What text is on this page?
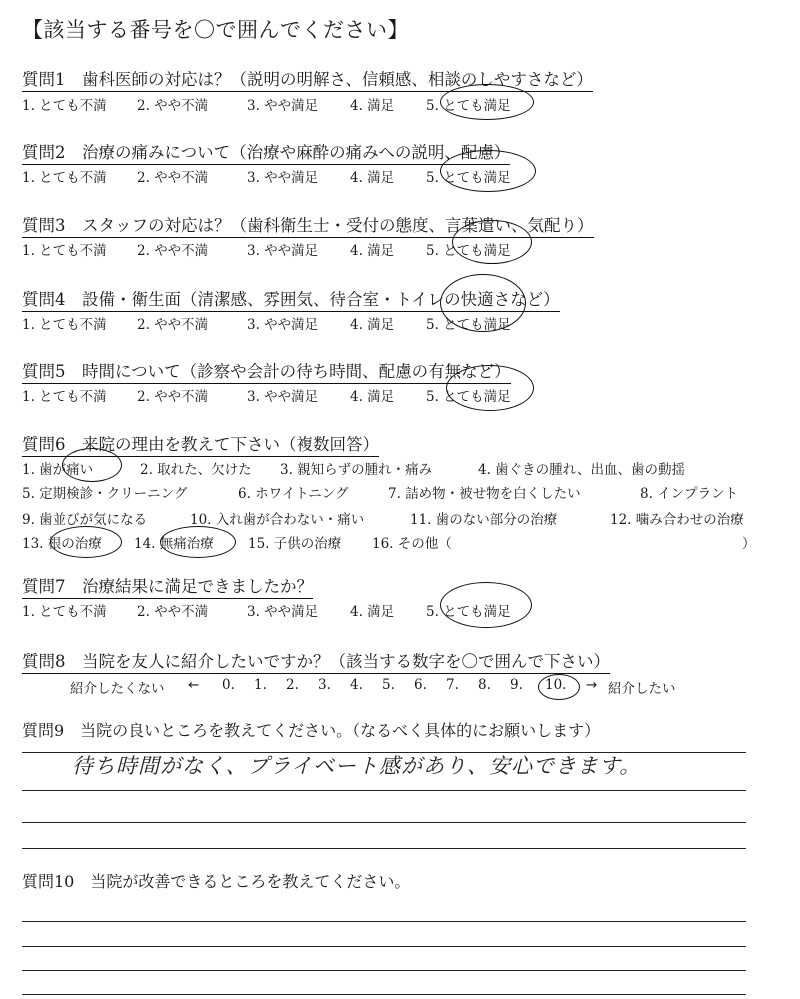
【該当する番号を〇で囲んでください】
質問1　歯科医師の対応は？（説明の明解さ、信頼感、相談のしやすさなど）
1. とても不満 2. やや不満	3. やや満足 4. 満足 5. とても満足
質問2　治療の痛みについて（治療や麻酔の痛みへの説明、配慮）
1. とても不満 2. やや不満	3. やや満足 4. 満足 5. とても満足
質問3　スタッフの対応は？（歯科衛生士・受付の態度、言葉遣い、気配り）
1. とても不満 2. やや不満	3. やや満足 4. 満足 5. とても満足
質問4　設備・衛生面（清潔感、雰囲気、待合室・トイレの快適さなど）
1. とても不満 2. やや不満	3. やや満足 4. 満足 5. とても満足
質問5　時間について（診察や会計の待ち時間、配慮の有無など）
1. とても不満 2. やや不満	3. やや満足 4. 満足 5. とても満足
質問6　来院の理由を教えて下さい（複数回答）
1. 歯が痛い	2. 取れた、欠けた 3. 親知らずの腫れ・痛み	4. 歯ぐきの腫れ、出血、歯の動揺
5. 定期検診・クリーニング	6. ホワイトニング	7. 詰め物・被せ物を白くしたい	8. インプラント
9. 歯並びが気になる	10. 入れ歯が合わない・痛い	11. 歯のない部分の治療	12. 噛み合わせの治療
13. 根の治療 14. 無痛治療	15. 子供の治療 16. その他（	）
質問7　治療結果に満足できましたか？
1. とても不満 2. やや不満	3. やや満足 4. 満足 5. とても満足
質問8　当院を友人に紹介したいですか？（該当する数字を〇で囲んで下さい）
紹介したくない ← 0. 1. 2. 3. 4. 5. 6. 7. 8. 9. 10. → 紹介したい
質問9　当院の良いところを教えてください。（なるべく具体的にお願いします）
待ち時間がなく、プライベート感があり、安心できます。
質問10　当院が改善できるところを教えてください。
